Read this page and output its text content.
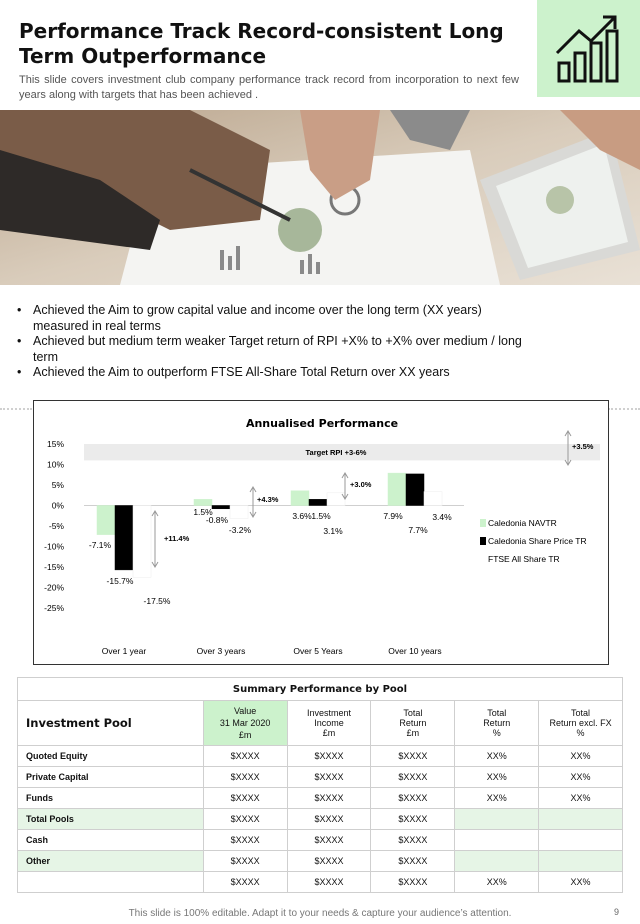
Performance Track Record-consistent Long Term Outperformance
This slide covers investment club company performance track record from incorporation to next few years along with targets that has been achieved .
• Achieved the Aim to grow capital value and income over the long term (XX years) measured in real terms
• Achieved but medium term weaker Target return of RPI +X% to +X% over medium / long term
• Achieved the Aim to outperform FTSE All-Share Total Return over XX years
Annualised Performance
Target RPI +3-6%
15%
10%
5%
0%
-5%
-10%
-15%
-20%
-25%
Over 1 year	Over 3 years	Over 5 Years	Over 10 years
-7.1%
-15.7%
-17.5%
1.5%
-0.8%
-3.2%
3.6% 1.5%
3.1%
7.9%
7.7%
3.4%
+11.4%
+4.3%
+3.0%
+3.5%
Caledonia NAVTR
Caledonia Share Price TR
FTSE All Share TR
Summary Performance by Pool					
Investment Pool	Value
31 Mar 2020
£m	Investment
Income
£m	Total
Return
£m	Total
Return
%	Total
Return excl. FX
%
Quoted Equity	$XXXX	$XXXX	$XXXX	XX%	XX%
Private Capital	$XXXX	$XXXX	$XXXX	XX%	XX%
Funds	$XXXX	$XXXX	$XXXX	XX%	XX%
Total Pools	$XXXX	$XXXX	$XXXX		
Cash	$XXXX	$XXXX	$XXXX		
Other	$XXXX	$XXXX	$XXXX		
	$XXXX	$XXXX	$XXXX	XX%	XX%
This slide is 100% editable. Adapt it to your needs & capture your audience’s attention.	9
